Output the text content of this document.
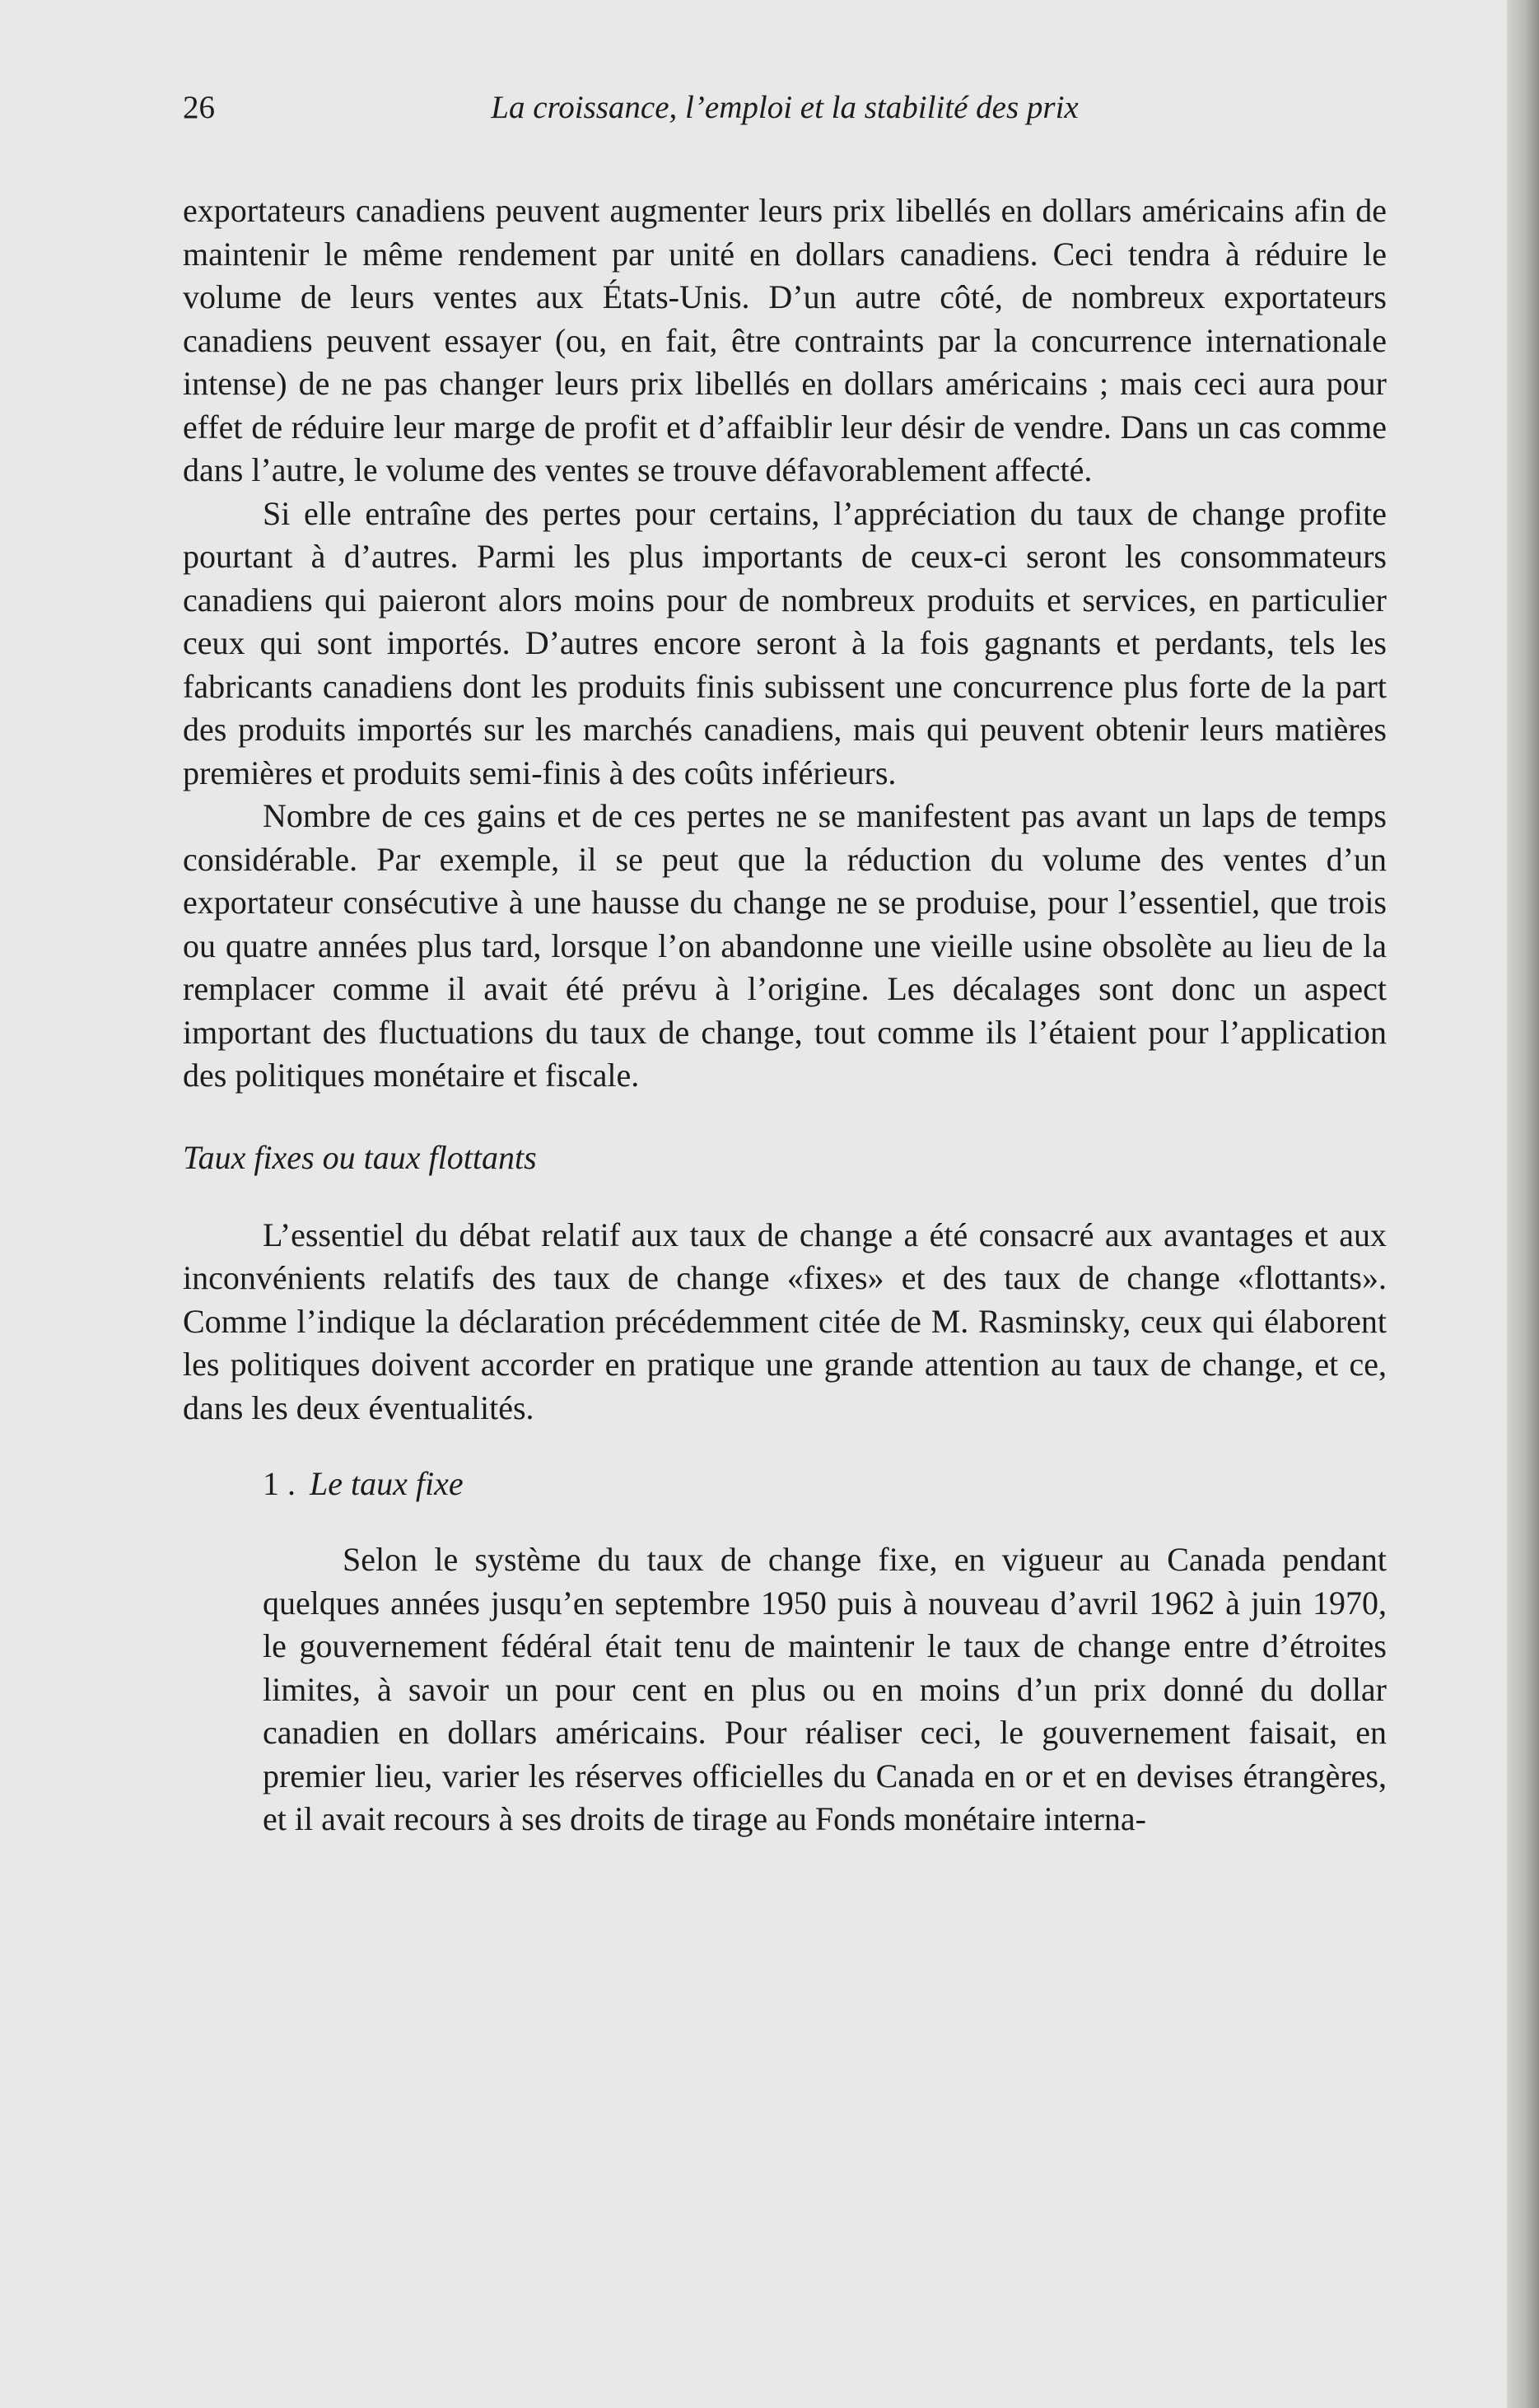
26	La croissance, l’emploi et la stabilité des prix

exportateurs canadiens peuvent augmenter leurs prix libellés en dollars américains afin de maintenir le même rendement par unité en dollars canadiens. Ceci tendra à réduire le volume de leurs ventes aux États-Unis. D’un autre côté, de nombreux exportateurs canadiens peuvent essayer (ou, en fait, être contraints par la concurrence internationale intense) de ne pas changer leurs prix libellés en dollars américains ; mais ceci aura pour effet de réduire leur marge de profit et d’affaiblir leur désir de vendre. Dans un cas comme dans l’autre, le volume des ventes se trouve défavorablement affecté.

Si elle entraîne des pertes pour certains, l’appréciation du taux de change profite pourtant à d’autres. Parmi les plus importants de ceux-ci seront les consommateurs canadiens qui paieront alors moins pour de nombreux produits et services, en particulier ceux qui sont importés. D’autres encore seront à la fois gagnants et perdants, tels les fabricants canadiens dont les produits finis subissent une concurrence plus forte de la part des produits importés sur les marchés canadiens, mais qui peuvent obtenir leurs matières premières et produits semi-finis à des coûts inférieurs.

Nombre de ces gains et de ces pertes ne se manifestent pas avant un laps de temps considérable. Par exemple, il se peut que la réduction du volume des ventes d’un exportateur consécutive à une hausse du change ne se produise, pour l’essentiel, que trois ou quatre années plus tard, lorsque l’on abandonne une vieille usine obsolète au lieu de la remplacer comme il avait été prévu à l’origine. Les décalages sont donc un aspect important des fluctuations du taux de change, tout comme ils l’étaient pour l’application des politiques monétaire et fiscale.

Taux fixes ou taux flottants

L’essentiel du débat relatif aux taux de change a été consacré aux avantages et aux inconvénients relatifs des taux de change «fixes» et des taux de change «flottants». Comme l’indique la déclaration précédemment citée de M. Rasminsky, ceux qui élaborent les politiques doivent accorder en pratique une grande attention au taux de change, et ce, dans les deux éventualités.

1 . Le taux fixe

Selon le système du taux de change fixe, en vigueur au Canada pendant quelques années jusqu’en septembre 1950 puis à nouveau d’avril 1962 à juin 1970, le gouvernement fédéral était tenu de maintenir le taux de change entre d’étroites limites, à savoir un pour cent en plus ou en moins d’un prix donné du dollar canadien en dollars américains. Pour réaliser ceci, le gouvernement faisait, en premier lieu, varier les réserves officielles du Canada en or et en devises étrangères, et il avait recours à ses droits de tirage au Fonds monétaire interna-
